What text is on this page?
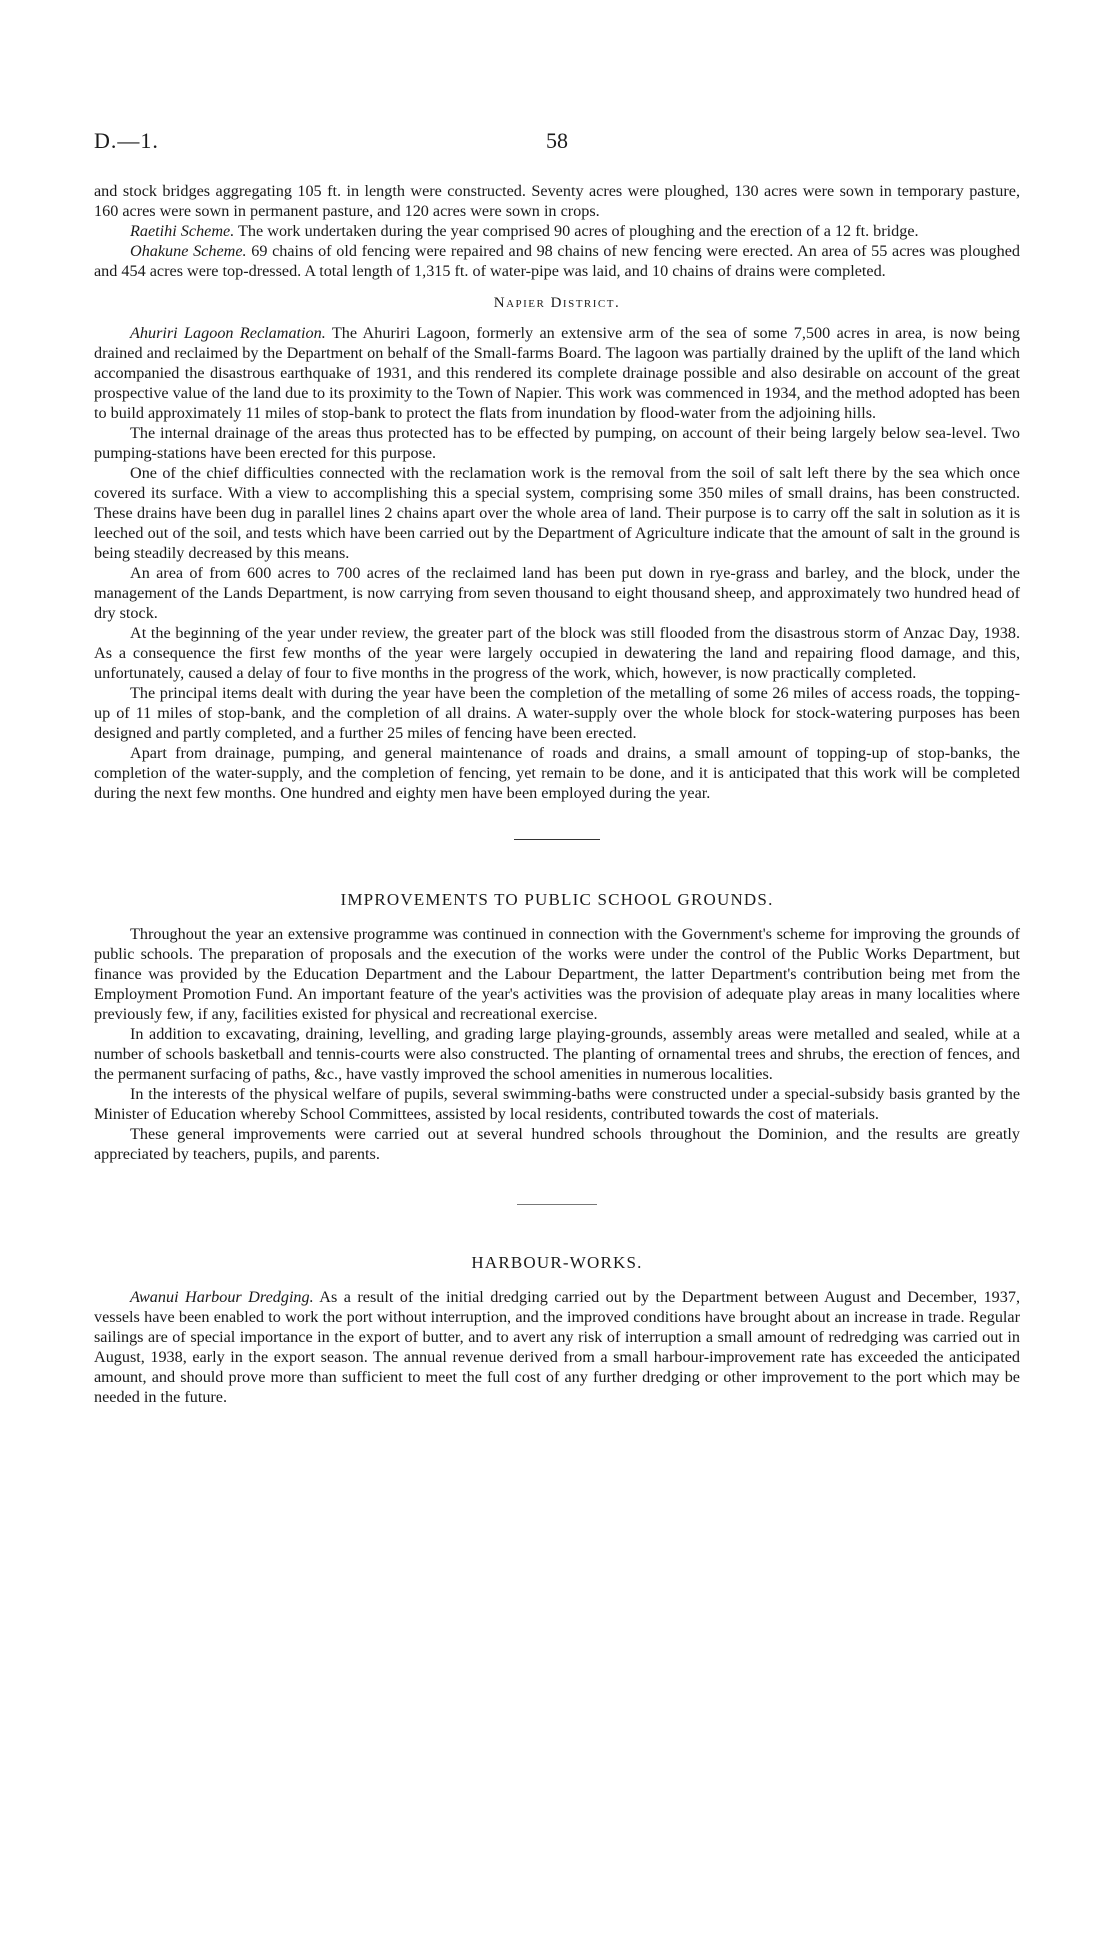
D.—1.	58

and stock bridges aggregating 105 ft. in length were constructed. Seventy acres were ploughed, 130 acres were sown in temporary pasture, 160 acres were sown in permanent pasture, and 120 acres were sown in crops.

Raetihi Scheme. The work undertaken during the year comprised 90 acres of ploughing and the erection of a 12 ft. bridge.

Ohakune Scheme. 69 chains of old fencing were repaired and 98 chains of new fencing were erected. An area of 55 acres was ploughed and 454 acres were top-dressed. A total length of 1,315 ft. of water-pipe was laid, and 10 chains of drains were completed.

Napier District.

Ahuriri Lagoon Reclamation. The Ahuriri Lagoon, formerly an extensive arm of the sea of some 7,500 acres in area, is now being drained and reclaimed by the Department on behalf of the Small-farms Board. The lagoon was partially drained by the uplift of the land which accompanied the disastrous earthquake of 1931, and this rendered its complete drainage possible and also desirable on account of the great prospective value of the land due to its proximity to the Town of Napier. This work was commenced in 1934, and the method adopted has been to build approximately 11 miles of stop-bank to protect the flats from inundation by flood-water from the adjoining hills.

The internal drainage of the areas thus protected has to be effected by pumping, on account of their being largely below sea-level. Two pumping-stations have been erected for this purpose.

One of the chief difficulties connected with the reclamation work is the removal from the soil of salt left there by the sea which once covered its surface. With a view to accomplishing this a special system, comprising some 350 miles of small drains, has been constructed. These drains have been dug in parallel lines 2 chains apart over the whole area of land. Their purpose is to carry off the salt in solution as it is leeched out of the soil, and tests which have been carried out by the Department of Agriculture indicate that the amount of salt in the ground is being steadily decreased by this means.

An area of from 600 acres to 700 acres of the reclaimed land has been put down in rye-grass and barley, and the block, under the management of the Lands Department, is now carrying from seven thousand to eight thousand sheep, and approximately two hundred head of dry stock.

At the beginning of the year under review, the greater part of the block was still flooded from the disastrous storm of Anzac Day, 1938. As a consequence the first few months of the year were largely occupied in dewatering the land and repairing flood damage, and this, unfortunately, caused a delay of four to five months in the progress of the work, which, however, is now practically completed.

The principal items dealt with during the year have been the completion of the metalling of some 26 miles of access roads, the topping-up of 11 miles of stop-bank, and the completion of all drains. A water-supply over the whole block for stock-watering purposes has been designed and partly completed, and a further 25 miles of fencing have been erected.

Apart from drainage, pumping, and general maintenance of roads and drains, a small amount of topping-up of stop-banks, the completion of the water-supply, and the completion of fencing, yet remain to be done, and it is anticipated that this work will be completed during the next few months. One hundred and eighty men have been employed during the year.

IMPROVEMENTS TO PUBLIC SCHOOL GROUNDS.

Throughout the year an extensive programme was continued in connection with the Government's scheme for improving the grounds of public schools. The preparation of proposals and the execution of the works were under the control of the Public Works Department, but finance was provided by the Education Department and the Labour Department, the latter Department's contribution being met from the Employment Promotion Fund. An important feature of the year's activities was the provision of adequate play areas in many localities where previously few, if any, facilities existed for physical and recreational exercise.

In addition to excavating, draining, levelling, and grading large playing-grounds, assembly areas were metalled and sealed, while at a number of schools basketball and tennis-courts were also constructed. The planting of ornamental trees and shrubs, the erection of fences, and the permanent surfacing of paths, &c., have vastly improved the school amenities in numerous localities.

In the interests of the physical welfare of pupils, several swimming-baths were constructed under a special-subsidy basis granted by the Minister of Education whereby School Committees, assisted by local residents, contributed towards the cost of materials.

These general improvements were carried out at several hundred schools throughout the Dominion, and the results are greatly appreciated by teachers, pupils, and parents.

HARBOUR-WORKS.

Awanui Harbour Dredging. As a result of the initial dredging carried out by the Department between August and December, 1937, vessels have been enabled to work the port without interruption, and the improved conditions have brought about an increase in trade. Regular sailings are of special importance in the export of butter, and to avert any risk of interruption a small amount of redredging was carried out in August, 1938, early in the export season. The annual revenue derived from a small harbour-improvement rate has exceeded the anticipated amount, and should prove more than sufficient to meet the full cost of any further dredging or other improvement to the port which may be needed in the future.
